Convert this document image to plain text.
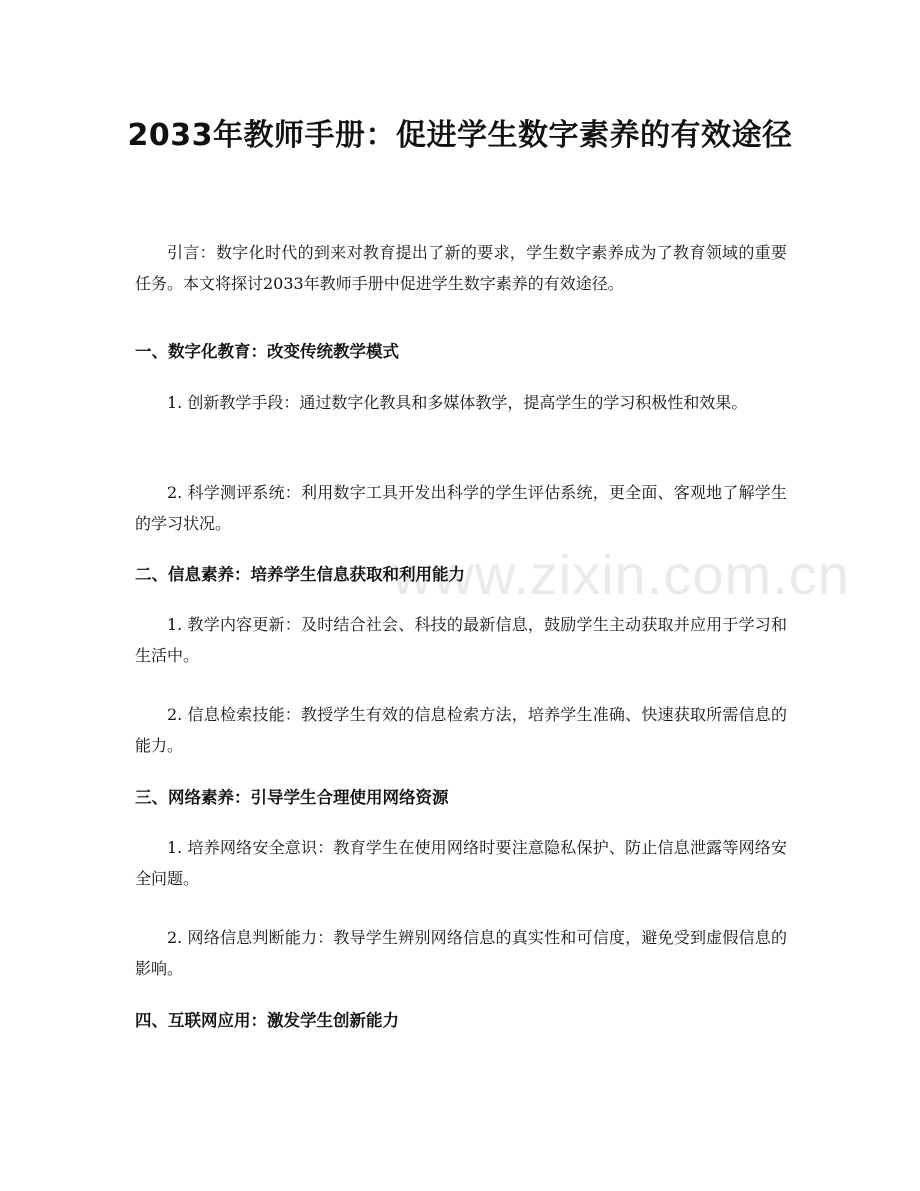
www.zixin.com.cn
2033年教师手册：促进学生数字素养的有效途径

引言：数字化时代的到来对教育提出了新的要求，学生数字素养成为了教育领域的重要任务。本文将探讨2033年教师手册中促进学生数字素养的有效途径。

一、数字化教育：改变传统教学模式

1. 创新教学手段：通过数字化教具和多媒体教学，提高学生的学习积极性和效果。

2. 科学测评系统：利用数字工具开发出科学的学生评估系统，更全面、客观地了解学生的学习状况。

二、信息素养：培养学生信息获取和利用能力

1. 教学内容更新：及时结合社会、科技的最新信息，鼓励学生主动获取并应用于学习和生活中。

2. 信息检索技能：教授学生有效的信息检索方法，培养学生准确、快速获取所需信息的能力。

三、网络素养：引导学生合理使用网络资源

1. 培养网络安全意识：教育学生在使用网络时要注意隐私保护、防止信息泄露等网络安全问题。

2. 网络信息判断能力：教导学生辨别网络信息的真实性和可信度，避免受到虚假信息的影响。

四、互联网应用：激发学生创新能力
